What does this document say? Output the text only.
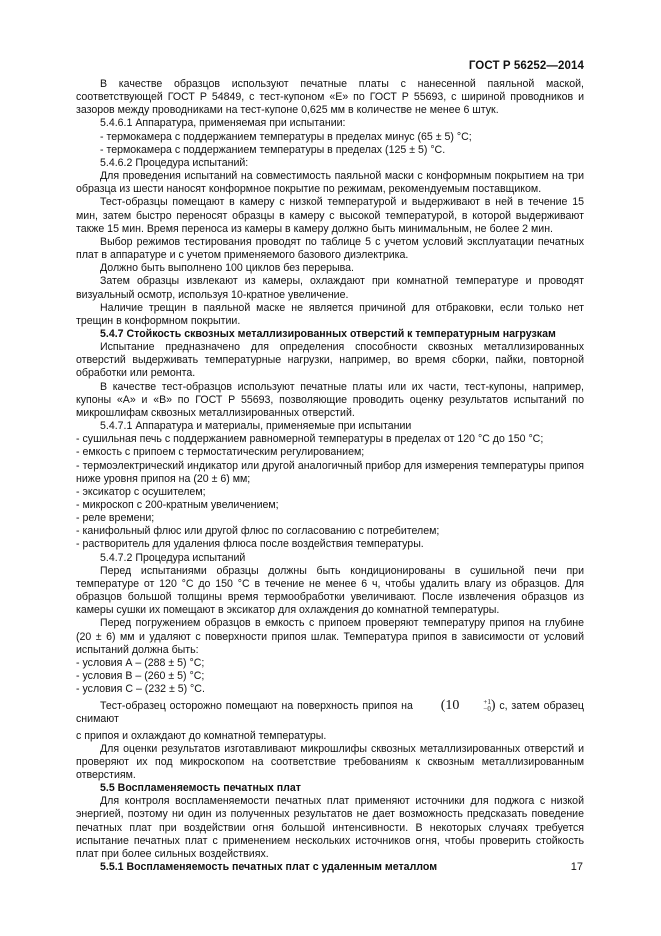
ГОСТ Р 56252—2014

В качестве образцов используют печатные платы с нанесенной паяльной маской, соответствующей ГОСТ Р 54849, с тест-купоном «E» по ГОСТ Р 55693, с шириной проводников и зазоров между проводниками на тест-купоне 0,625 мм в количестве не менее 6 штук.

5.4.6.1 Аппаратура, применяемая при испытании:

- термокамера с поддержанием температуры в пределах минус (65 ± 5) °С;

- термокамера с поддержанием температуры в пределах (125 ± 5) °С.

5.4.6.2 Процедура испытаний:

Для проведения испытаний на совместимость паяльной маски с конформным покрытием на три образца из шести наносят конформное покрытие по режимам, рекомендуемым поставщиком.

Тест-образцы помещают в камеру с низкой температурой и выдерживают в ней в течение 15 мин, затем быстро переносят образцы в камеру с высокой температурой, в которой выдерживают также 15 мин. Время переноса из камеры в камеру должно быть минимальным, не более 2 мин.

Выбор режимов тестирования проводят по таблице 5 с учетом условий эксплуатации печатных плат в аппаратуре и с учетом применяемого базового диэлектрика.

Должно быть выполнено 100 циклов без перерыва.

Затем образцы извлекают из камеры, охлаждают при комнатной температуре и проводят визуальный осмотр, используя 10-кратное увеличение.

Наличие трещин в паяльной маске не является причиной для отбраковки, если только нет трещин в конформном покрытии.

5.4.7 Стойкость сквозных металлизированных отверстий к температурным нагрузкам

Испытание предназначено для определения способности сквозных металлизированных отверстий выдерживать температурные нагрузки, например, во время сборки, пайки, повторной обработки или ремонта.

В качестве тест-образцов используют печатные платы или их части, тест-купоны, например, купоны «A» и «B» по ГОСТ Р 55693, позволяющие проводить оценку результатов испытаний по микрошлифам сквозных металлизированных отверстий.

5.4.7.1 Аппаратура и материалы, применяемые при испытании

- сушильная печь с поддержанием равномерной температуры в пределах от 120 °С до 150 °С;

- емкость с припоем с термостатическим регулированием;

- термоэлектрический индикатор или другой аналогичный прибор для измерения температуры припоя ниже уровня припоя на (20 ± 6) мм;

- эксикатор с осушителем;

- микроскоп с 200-кратным увеличением;

- реле времени;

- канифольный флюс или другой флюс по согласованию с потребителем;

- растворитель для удаления флюса после воздействия температуры.

5.4.7.2 Процедура испытаний

Перед испытаниями образцы должны быть кондиционированы в сушильной печи при температуре от 120 °С до 150 °С в течение не менее 6 ч, чтобы удалить влагу из образцов. Для образцов большой толщины время термообработки увеличивают. После извлечения образцов из камеры сушки их помещают в эксикатор для охлаждения до комнатной температуры.

Перед погружением образцов в емкость с припоем проверяют температуру припоя на глубине (20 ± 6) мм и удаляют с поверхности припоя шлак. Температура припоя в зависимости от условий испытаний должна быть:

- условия А – (288 ± 5) °С;

- условия В – (260 ± 5) °С;

- условия С – (232 ± 5) °С.

Тест-образец осторожно помещают на поверхность припоя на (10	+1
−0 ) с, затем образец снимают

с припоя и охлаждают до комнатной температуры.

Для оценки результатов изготавливают микрошлифы сквозных металлизированных отверстий и проверяют их под микроскопом на соответствие требованиям к сквозным металлизированным отверстиям.

5.5 Воспламеняемость печатных плат

Для контроля воспламеняемости печатных плат применяют источники для поджога с низкой энергией, поэтому ни один из полученных результатов не дает возможность предсказать поведение печатных плат при воздействии огня большой интенсивности. В некоторых случаях требуется испытание печатных плат с применением нескольких источников огня, чтобы проверить стойкость плат при более сильных воздействиях.

5.5.1 Воспламеняемость печатных плат с удаленным металлом	17
